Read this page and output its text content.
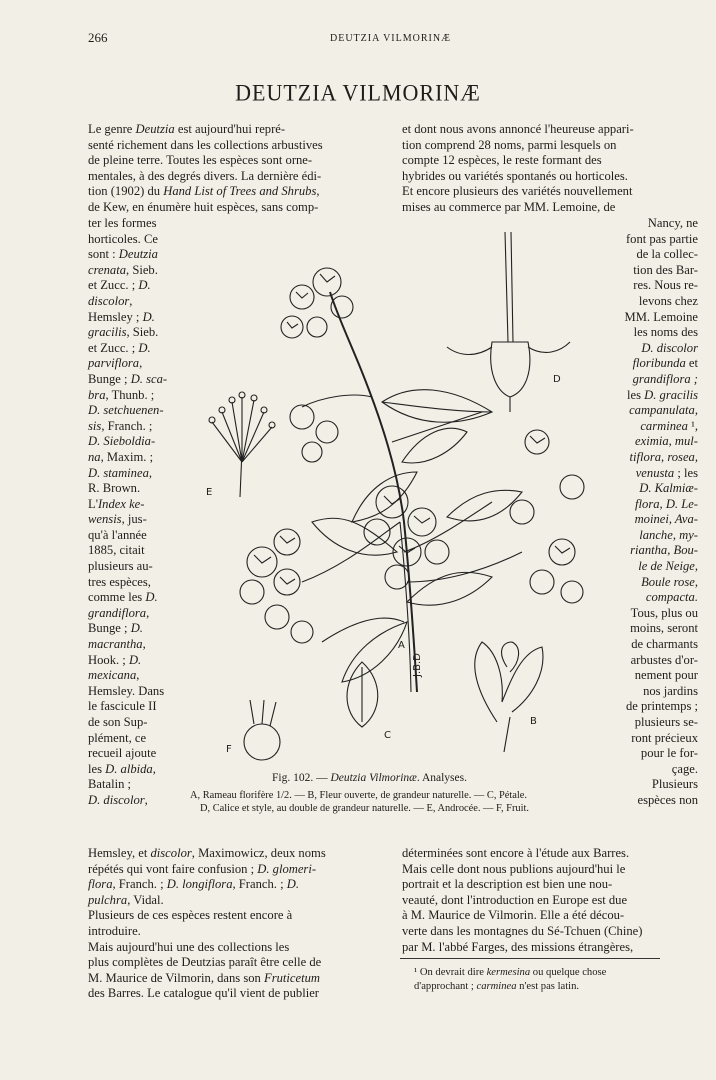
266	DEUTZIA VILMORINÆ
DEUTZIA VILMORINÆ
Le genre Deutzia est aujourd'hui repré-
senté richement dans les collections arbustives
de pleine terre. Toutes les espèces sont orne-
mentales, à des degrés divers. La dernière édi-
tion (1902) du Hand List of Trees and Shrubs,
de Kew, en énumère huit espèces, sans comp-
ter les formes
horticoles. Ce
sont : Deutzia
crenata, Sieb.
et Zucc. ; D.
discolor,
Hemsley ; D.
gracilis, Sieb.
et Zucc. ; D.
parviflora,
Bunge ; D. sca-
bra, Thunb. ;
D. setchuenen-
sis, Franch. ;
D. Sieboldia-
na, Maxim. ;
D. staminea,
R. Brown.
L'Index ke-
wensis, jus-
qu'à l'année
1885, citait
plusieurs au-
tres espèces,
comme les D.
grandiflora,
Bunge ; D.
macrantha,
Hook. ; D.
mexicana,
Hemsley. Dans
le fascicule II
de son Sup-
plément, ce
recueil ajoute
les D. albida,
Batalin ;
D. discolor,
Hemsley, et discolor, Maximowicz, deux noms
répétés qui vont faire confusion ; D. glomeri-
flora, Franch. ; D. longiflora, Franch. ; D.
pulchra, Vidal.
Plusieurs de ces espèces restent encore à
introduire.
Mais aujourd'hui une des collections les
plus complètes de Deutzias paraît être celle de
M. Maurice de Vilmorin, dans son Fruticetum
des Barres. Le catalogue qu'il vient de publier
et dont nous avons annoncé l'heureuse appari-
tion comprend 28 noms, parmi lesquels on
compte 12 espèces, le reste formant des
hybrides ou variétés spontanés ou horticoles.
Et encore plusieurs des variétés nouvellement
mises au commerce par MM. Lemoine, de
Nancy, ne
font pas partie
de la collec-
tion des Bar-
res. Nous re-
levons chez
MM. Lemoine
les noms des
D. discolor
floribunda et
grandiflora ;
les D. gracilis
campanulata,
carminea ¹,
eximia, mul-
tiflora, rosea,
venusta ; les
D. Kalmiæ-
flora, D. Le-
moinei, Ava-
lanche, my-
riantha, Bou-
le de Neige,
Boule rose,
compacta.
Tous, plus ou
moins, seront
de charmants
arbustes d'or-
nement pour
nos jardins
de printemps ;
plusieurs se-
ront précieux
pour le for-
çage.
Plusieurs
espèces non
déterminées sont encore à l'étude aux Barres.
Mais celle dont nous publions aujourd'hui le
portrait et la description est bien une nou-
veauté, dont l'introduction en Europe est due
à M. Maurice de Vilmorin. Elle a été décou-
verte dans les montagnes du Sé-Tchuen (Chine)
par M. l'abbé Farges, des missions étrangères,
J.B.D
A
B
C
D
E
F
Fig. 102. — Deutzia Vilmorinæ. Analyses.
A, Rameau florifère 1/2. — B, Fleur ouverte, de grandeur naturelle. — C, Pétale.
D, Calice et style, au double de grandeur naturelle. — E, Androcée. — F, Fruit.
¹ On devrait dire kermesina ou quelque chose
d'approchant ; carminea n'est pas latin.
